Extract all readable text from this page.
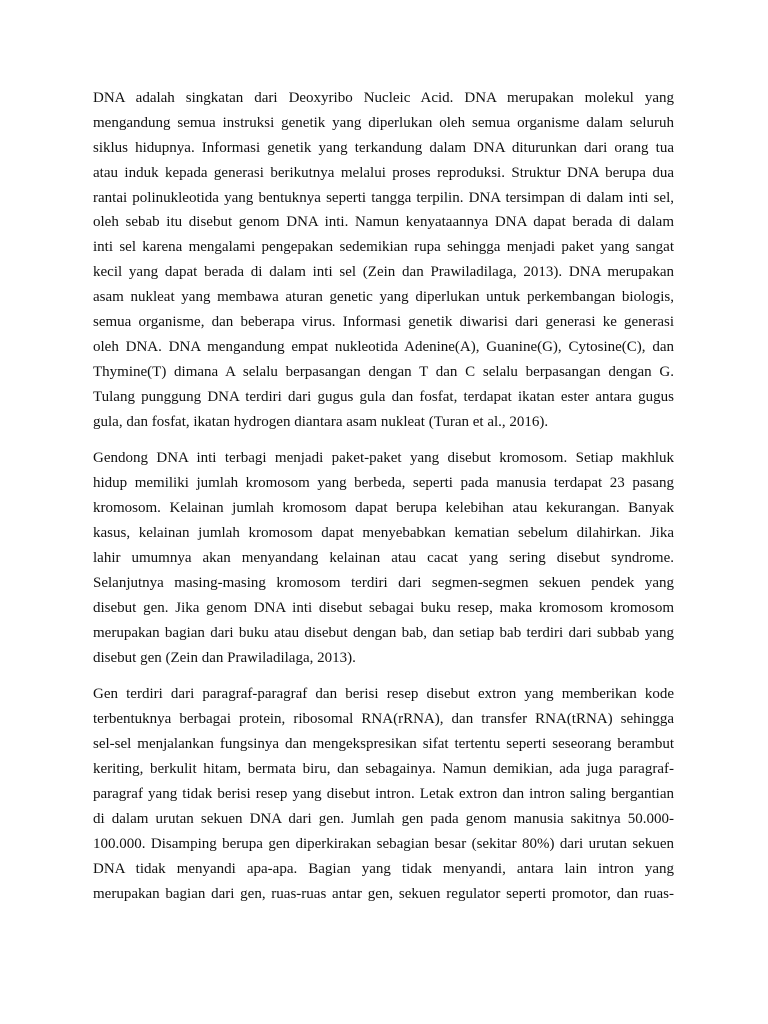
DNA adalah singkatan dari Deoxyribo Nucleic Acid. DNA merupakan molekul yang
mengandung semua instruksi genetik yang diperlukan oleh semua organisme dalam seluruh
siklus hidupnya. Informasi genetik yang terkandung dalam DNA diturunkan dari orang tua
atau induk kepada generasi berikutnya melalui proses reproduksi. Struktur DNA berupa dua
rantai polinukleotida yang bentuknya seperti tangga terpilin. DNA tersimpan di dalam inti sel,
oleh sebab itu disebut genom DNA inti. Namun kenyataannya DNA dapat berada di dalam
inti sel karena mengalami pengepakan sedemikian rupa sehingga menjadi paket yang sangat
kecil yang dapat berada di dalam inti sel (Zein dan Prawiladilaga, 2013). DNA merupakan
asam nukleat yang membawa aturan genetic yang diperlukan untuk perkembangan biologis,
semua organisme, dan beberapa virus. Informasi genetik diwarisi dari generasi ke generasi
oleh DNA. DNA mengandung empat nukleotida Adenine(A), Guanine(G), Cytosine(C), dan
Thymine(T) dimana A selalu berpasangan dengan T dan C selalu berpasangan dengan G.
Tulang punggung DNA terdiri dari gugus gula dan fosfat, terdapat ikatan ester antara gugus
gula, dan fosfat, ikatan hydrogen diantara asam nukleat (Turan et al., 2016).
Gendong DNA inti terbagi menjadi paket-paket yang disebut kromosom. Setiap makhluk
hidup memiliki jumlah kromosom yang berbeda, seperti pada manusia terdapat 23 pasang
kromosom. Kelainan jumlah kromosom dapat berupa kelebihan atau kekurangan. Banyak
kasus, kelainan jumlah kromosom dapat menyebabkan kematian sebelum dilahirkan. Jika
lahir umumnya akan menyandang kelainan atau cacat yang sering disebut syndrome.
Selanjutnya masing-masing kromosom terdiri dari segmen-segmen sekuen pendek yang
disebut gen. Jika genom DNA inti disebut sebagai buku resep, maka kromosom kromosom
merupakan bagian dari buku atau disebut dengan bab, dan setiap bab terdiri dari subbab yang
disebut gen (Zein dan Prawiladilaga, 2013).
Gen terdiri dari paragraf-paragraf dan berisi resep disebut extron yang memberikan kode
terbentuknya berbagai protein, ribosomal RNA(rRNA), dan transfer RNA(tRNA) sehingga
sel-sel menjalankan fungsinya dan mengekspresikan sifat tertentu seperti seseorang berambut
keriting, berkulit hitam, bermata biru, dan sebagainya. Namun demikian, ada juga paragraf-
paragraf yang tidak berisi resep yang disebut intron. Letak extron dan intron saling bergantian
di dalam urutan sekuen DNA dari gen. Jumlah gen pada genom manusia sakitnya 50.000-
100.000. Disamping berupa gen diperkirakan sebagian besar (sekitar 80%) dari urutan sekuen
DNA tidak menyandi apa-apa. Bagian yang tidak menyandi, antara lain intron yang
merupakan bagian dari gen, ruas-ruas antar gen, sekuen regulator seperti promotor, dan ruas-
